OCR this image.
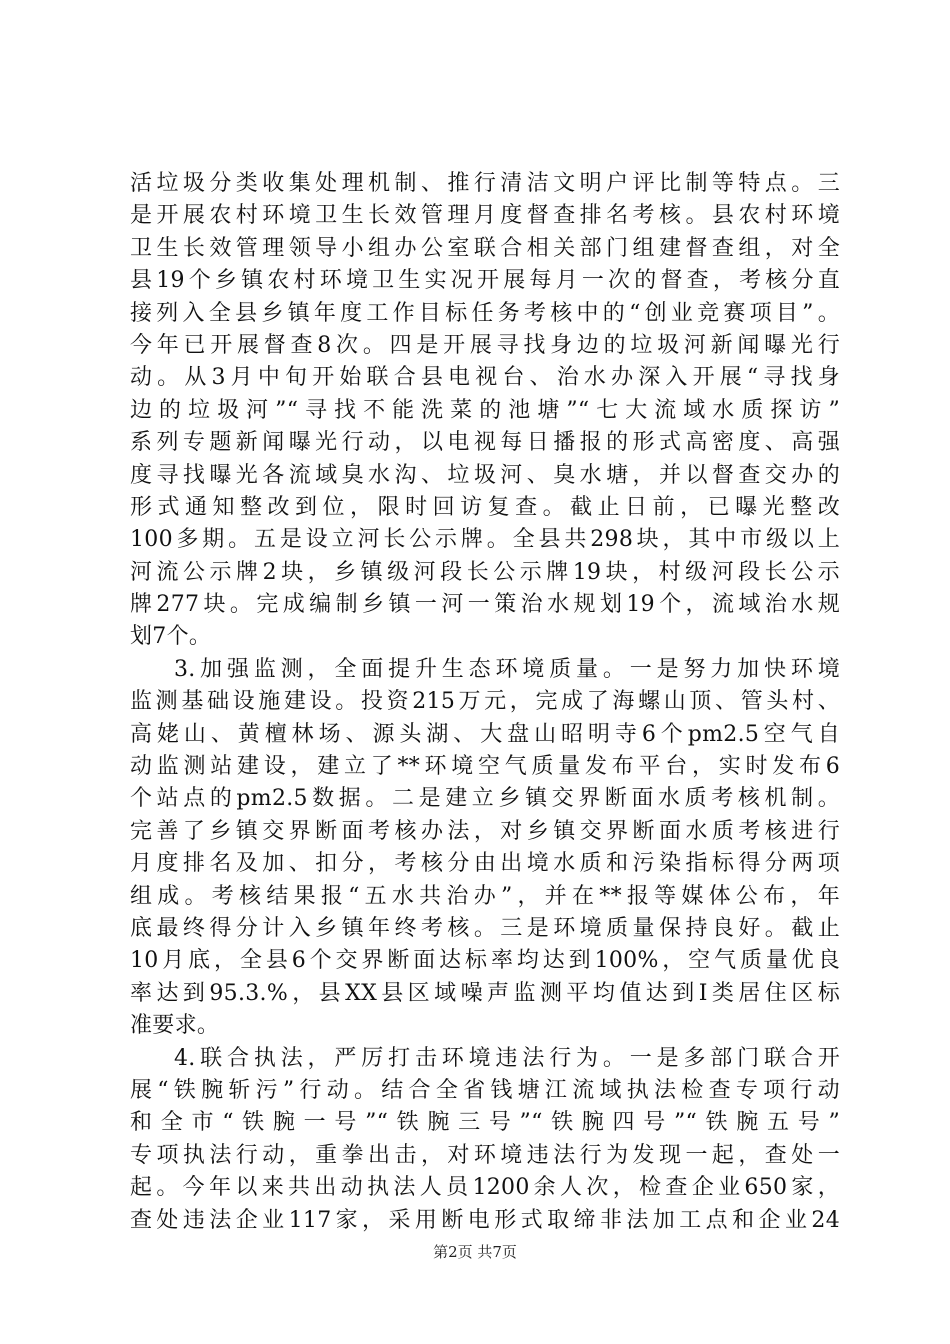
活垃圾分类收集处理机制、推行清洁文明户评比制等特点。三
是开展农村环境卫生长效管理月度督查排名考核。县农村环境
卫生长效管理领导小组办公室联合相关部门组建督查组，对全
县19个乡镇农村环境卫生实况开展每月一次的督查，考核分直
接列入全县乡镇年度工作目标任务考核中的“创业竞赛项目”。
今年已开展督查8次。四是开展寻找身边的垃圾河新闻曝光行
动。从3月中旬开始联合县电视台、治水办深入开展“寻找身
边的垃圾河”“寻找不能洗菜的池塘”“七大流域水质探访”
系列专题新闻曝光行动，以电视每日播报的形式高密度、高强
度寻找曝光各流域臭水沟、垃圾河、臭水塘，并以督查交办的
形式通知整改到位，限时回访复查。截止日前，已曝光整改
100多期。五是设立河长公示牌。全县共298块，其中市级以上
河流公示牌2块，乡镇级河段长公示牌19块，村级河段长公示
牌277块。完成编制乡镇一河一策治水规划19个，流域治水规
划7个。
3.加强监测，全面提升生态环境质量。一是努力加快环境
监测基础设施建设。投资215万元，完成了海螺山顶、管头村、
高姥山、黄檀林场、源头湖、大盘山昭明寺6个pm2.5空气自
动监测站建设，建立了**环境空气质量发布平台，实时发布6
个站点的pm2.5数据。二是建立乡镇交界断面水质考核机制。
完善了乡镇交界断面考核办法，对乡镇交界断面水质考核进行
月度排名及加、扣分，考核分由出境水质和污染指标得分两项
组成。考核结果报“五水共治办”，并在**报等媒体公布，年
底最终得分计入乡镇年终考核。三是环境质量保持良好。截止
10月底，全县6个交界断面达标率均达到100%，空气质量优良
率达到95.3.%，县XX县区域噪声监测平均值达到Ⅰ类居住区标
准要求。
4.联合执法，严厉打击环境违法行为。一是多部门联合开
展“铁腕斩污”行动。结合全省钱塘江流域执法检查专项行动
和全市“铁腕一号”“铁腕三号”“铁腕四号”“铁腕五号”
专项执法行动，重拳出击，对环境违法行为发现一起，查处一
起。今年以来共出动执法人员1200余人次，检查企业650家，
查处违法企业117家，采用断电形式取缔非法加工点和企业24
第2页 共7页
